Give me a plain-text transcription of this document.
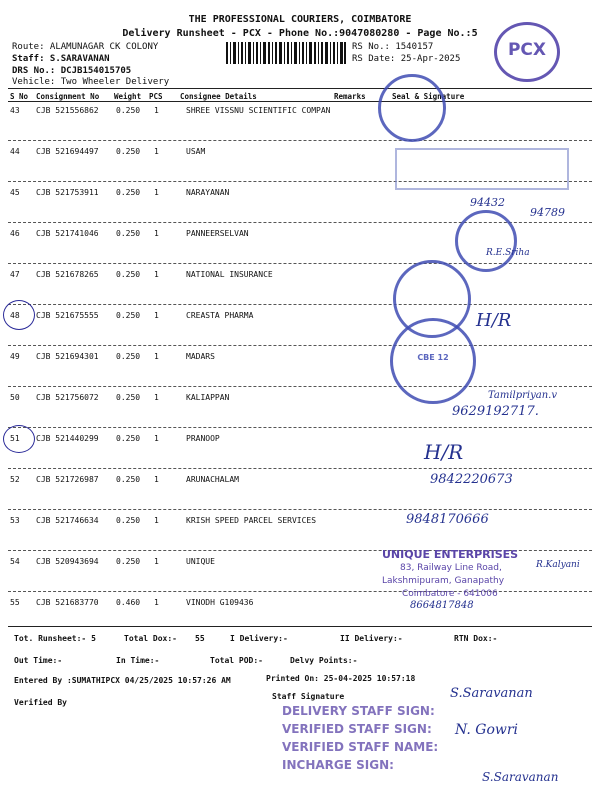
THE PROFESSIONAL COURIERS, COIMBATORE
Delivery Runsheet - PCX - Phone No.:9047080280 - Page No.:5
Route: ALAMUNAGAR CK COLONY
Staff: S.SARAVANAN
DRS No.: DCJB154015705
Vehicle: Two Wheeler Delivery
RS No.: 1540157
RS Date: 25-Apr-2025	PCX
S No Consignment No Weight PCS Consignee Details	Remarks	Seal & Signature
43 CJB 521556862 0.250 1	SHREE VISSNU SCIENTIFIC COMPAN
44 CJB 521694497 0.250 1	USAM
45 CJB 521753911 0.250 1	NARAYANAN
46 CJB 521741046 0.250 1	PANNEERSELVAN
47 CJB 521678265 0.250 1	NATIONAL INSURANCE
48 CJB 521675555 0.250 1	CREASTA PHARMA
49 CJB 521694301 0.250 1	MADARS
50 CJB 521756072 0.250 1	KALIAPPAN
51 CJB 521440299 0.250 1	PRANOOP
52 CJB 521726987 0.250 1	ARUNACHALAM
53 CJB 521746634 0.250 1	KRISH SPEED PARCEL SERVICES
54 CJB 520943694 0.250 1	UNIQUE
55 CJB 521683770 0.460 1	VINODH G109436
CBE 12
94432
94789
R.E.Sriha
H/R
Tamilpriyan.v
9629192717.
H/R
9842220673
9848170666
R.Kalyani
8664817848
UNIQUE ENTERPRISES
83, Railway Line Road,
Lakshmipuram, Ganapathy
Coimbatore - 641006
Tot. Runsheet:- 5	Total Dox:- 55	I Delivery:-	II Delivery:-	RTN Dox:-
Out Time:-	In Time:-	Total POD:-	Delvy Points:-
Entered By :SUMATHIPCX 04/25/2025 10:57:26 AM	Printed On: 25-04-2025 10:57:18
Verified By
Staff Signature
DELIVERY STAFF SIGN:
VERIFIED STAFF SIGN:
VERIFIED STAFF NAME:
INCHARGE SIGN:
S.Saravanan
N. Gowri
S.Saravanan
